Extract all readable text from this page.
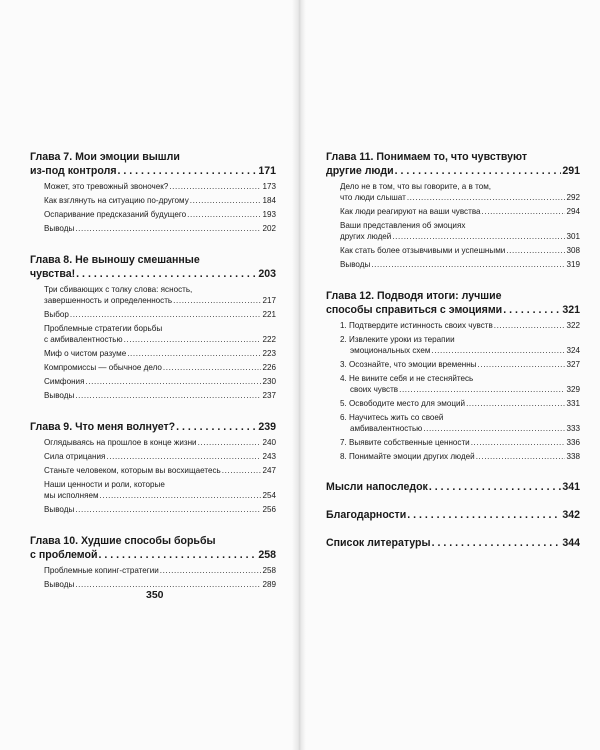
Глава 7. Мои эмоции вышли
из-под контроля . . .	171
Может, это тревожный звоночек? .....	173
Как взглянуть на ситуацию по-другому .....	184
Оспаривание предсказаний будущего .....	193
Выводы .....	202
Глава 8. Не выношу смешанные
чувства! . . .	203
Три сбивающих с толку слова: ясность,
завершенность и определенность .....	217
Выбор .....	221
Проблемные стратегии борьбы
с амбивалентностью .....	222
Миф о чистом разуме .....	223
Компромиссы — обычное дело .....	226
Симфония .....	230
Выводы .....	237
Глава 9. Что меня волнует? . . .	239
Оглядываясь на прошлое в конце жизни .....	240
Сила отрицания .....	243
Станьте человеком, которым вы восхищаетесь .....	247
Наши ценности и роли, которые
мы исполняем .....	254
Выводы .....	256
Глава 10. Худшие способы борьбы
с проблемой . . .	258
Проблемные копинг-стратегии .....	258
Выводы .....	289
350
Глава 11. Понимаем то, что чувствуют
другие люди . . .	291
Дело не в том, что вы говорите, а в том,
что люди слышат .....	292
Как люди реагируют на ваши чувства .....	294
Ваши представления об эмоциях
других людей .....	301
Как стать более отзывчивыми и успешными .....	308
Выводы .....	319
Глава 12. Подводя итоги: лучшие
способы справиться с эмоциями . . .	321
1. Подтвердите истинность своих чувств .....	322
2. Извлеките уроки из терапии
эмоциональных схем .....	324
3. Осознайте, что эмоции временны .....	327
4. Не вините себя и не стесняйтесь
своих чувств .....	329
5. Освободите место для эмоций .....	331
6. Научитесь жить со своей
амбивалентностью .....	333
7. Выявите собственные ценности .....	336
8. Понимайте эмоции других людей .....	338
Мысли напоследок . . .	341
Благодарности . . .	342
Список литературы . . .	344
